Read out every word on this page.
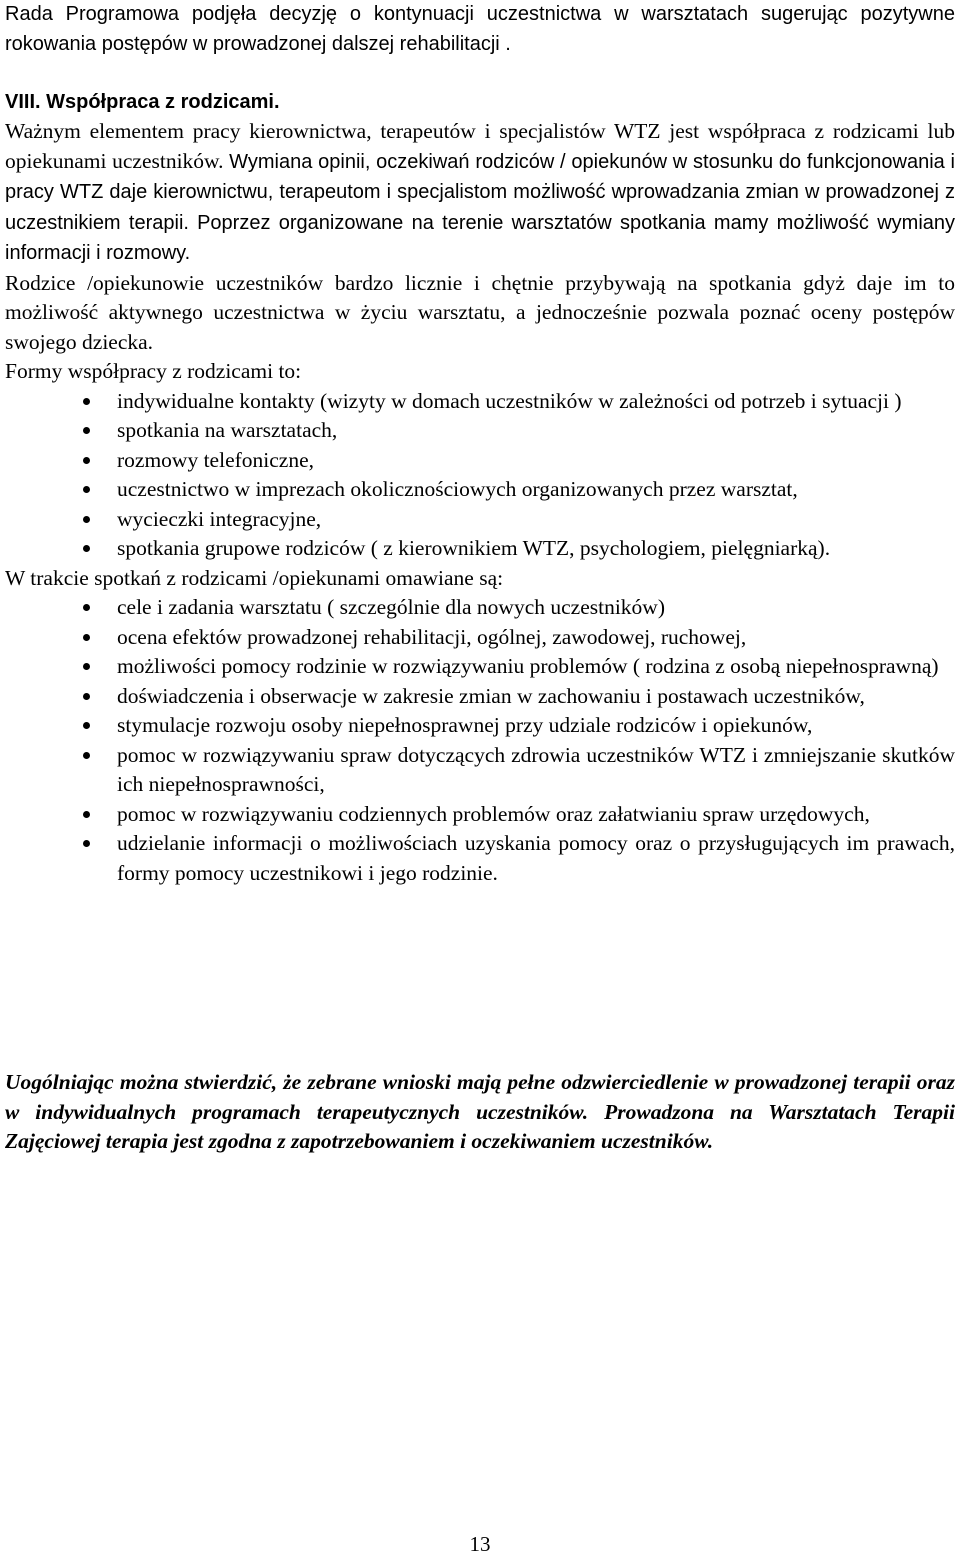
Rada Programowa podjęła decyzję o kontynuacji uczestnictwa w warsztatach sugerując pozytywne rokowania postępów w prowadzonej dalszej rehabilitacji .

VIII. Współpraca z rodzicami.

Ważnym elementem pracy kierownictwa, terapeutów i specjalistów WTZ jest współpraca z rodzicami lub opiekunami uczestników. Wymiana opinii, oczekiwań rodziców / opiekunów w stosunku do funkcjonowania i pracy WTZ daje kierownictwu, terapeutom i specjalistom możliwość wprowadzania zmian w prowadzonej z uczestnikiem terapii. Poprzez organizowane na terenie warsztatów spotkania mamy możliwość wymiany informacji i rozmowy.

Rodzice /opiekunowie uczestników bardzo licznie i chętnie przybywają na spotkania gdyż daje im to możliwość aktywnego uczestnictwa w życiu warsztatu, a jednocześnie pozwala poznać oceny postępów swojego dziecka.

Formy współpracy z rodzicami to:

indywidualne kontakty (wizyty w domach uczestników w zależności od potrzeb i sytuacji )
spotkania na warsztatach,
rozmowy telefoniczne,
uczestnictwo w imprezach okolicznościowych organizowanych przez warsztat,
wycieczki integracyjne,
spotkania grupowe rodziców ( z kierownikiem WTZ, psychologiem, pielęgniarką).

W trakcie spotkań z rodzicami /opiekunami omawiane są:

cele i zadania warsztatu ( szczególnie dla nowych uczestników)
ocena efektów prowadzonej rehabilitacji, ogólnej, zawodowej, ruchowej,
możliwości pomocy rodzinie w rozwiązywaniu problemów ( rodzina z osobą niepełnosprawną)
doświadczenia i obserwacje w zakresie zmian w zachowaniu i postawach uczestników,
stymulacje rozwoju osoby niepełnosprawnej przy udziale rodziców i opiekunów,
pomoc w rozwiązywaniu spraw dotyczących zdrowia uczestników WTZ i zmniejszanie skutków ich niepełnosprawności,
pomoc w rozwiązywaniu codziennych problemów oraz załatwianiu spraw urzędowych,
udzielanie informacji o możliwościach uzyskania pomocy oraz o przysługujących im prawach, formy pomocy uczestnikowi i jego rodzinie.

Uogólniając można stwierdzić, że zebrane wnioski mają pełne odzwierciedlenie w prowadzonej terapii oraz w indywidualnych programach terapeutycznych uczestników. Prowadzona na Warsztatach Terapii Zajęciowej terapia jest zgodna z zapotrzebowaniem i oczekiwaniem uczestników.

13
